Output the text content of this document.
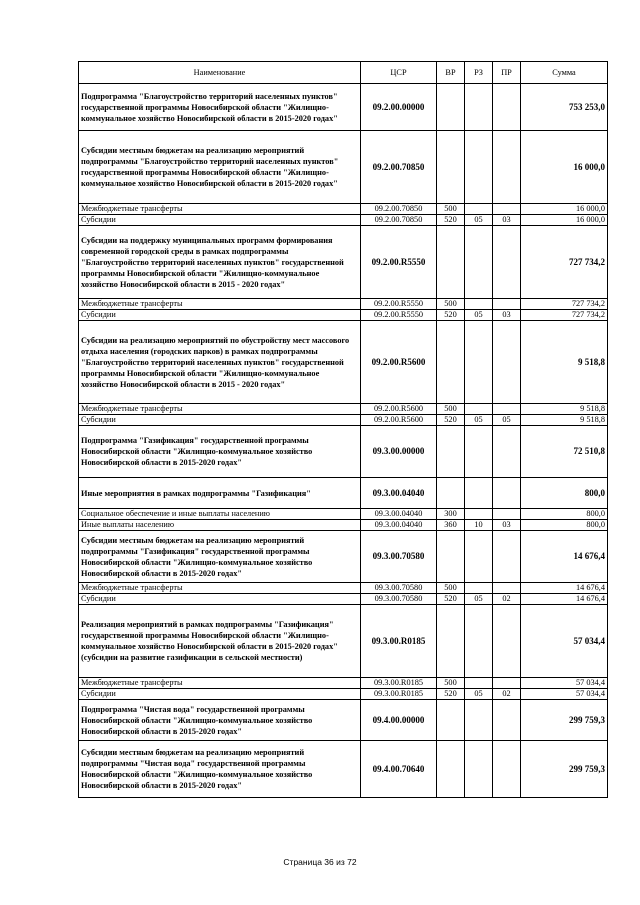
Наименование	ЦСР	ВР	РЗ	ПР	Сумма
Подпрограмма "Благоустройство территорий населенных пунктов" государственной программы Новосибирской области "Жилищно-коммунальное хозяйство Новосибирской области в 2015-2020 годах"	09.2.00.00000				753 253,0
Субсидии местным бюджетам на реализацию мероприятий подпрограммы "Благоустройство территорий населенных пунктов" государственной программы Новосибирской области "Жилищно-коммунальное хозяйство Новосибирской области в 2015-2020 годах"	09.2.00.70850				16 000,0
Межбюджетные трансферты	09.2.00.70850	500			16 000,0
Субсидии	09.2.00.70850	520	05	03	16 000,0
Субсидии на поддержку муниципальных программ формирования современной городской среды в рамках подпрограммы "Благоустройство территорий населенных пунктов" государственной программы Новосибирской области "Жилищно-коммунальное хозяйство Новосибирской области в 2015 - 2020 годах"	09.2.00.R5550				727 734,2
Межбюджетные трансферты	09.2.00.R5550	500			727 734,2
Субсидии	09.2.00.R5550	520	05	03	727 734,2
Субсидии на реализацию мероприятий по обустройству мест массового отдыха населения (городских парков) в рамках подпрограммы "Благоустройство территорий населенных пунктов" государственной программы Новосибирской области "Жилищно-коммунальное хозяйство Новосибирской области в 2015 - 2020 годах"	09.2.00.R5600				9 518,8
Межбюджетные трансферты	09.2.00.R5600	500			9 518,8
Субсидии	09.2.00.R5600	520	05	05	9 518,8
Подпрограмма "Газификация" государственной программы Новосибирской области "Жилищно-коммунальное хозяйство Новосибирской области в 2015-2020 годах"	09.3.00.00000				72 510,8
Иные мероприятия в рамках подпрограммы "Газификация"	09.3.00.04040				800,0
Социальное обеспечение и иные выплаты населению	09.3.00.04040	300			800,0
Иные выплаты населению	09.3.00.04040	360	10	03	800,0
Субсидии местным бюджетам на реализацию мероприятий подпрограммы "Газификация" государственной программы Новосибирской области "Жилищно-коммунальное хозяйство Новосибирской области в 2015-2020 годах"	09.3.00.70580				14 676,4
Межбюджетные трансферты	09.3.00.70580	500			14 676,4
Субсидии	09.3.00.70580	520	05	02	14 676,4
Реализация мероприятий в рамках подпрограммы "Газификация" государственной программы Новосибирской области "Жилищно-коммунальное хозяйство Новосибирской области в 2015-2020 годах" (субсидии на развитие газификации в сельской местности)	09.3.00.R0185				57 034,4
Межбюджетные трансферты	09.3.00.R0185	500			57 034,4
Субсидии	09.3.00.R0185	520	05	02	57 034,4
Подпрограмма "Чистая вода" государственной программы Новосибирской области "Жилищно-коммунальное хозяйство Новосибирской области в 2015-2020 годах"	09.4.00.00000				299 759,3
Субсидии местным бюджетам на реализацию мероприятий подпрограммы "Чистая вода" государственной программы Новосибирской области "Жилищно-коммунальное хозяйство Новосибирской области в 2015-2020 годах"	09.4.00.70640				299 759,3
Страница 36 из 72
